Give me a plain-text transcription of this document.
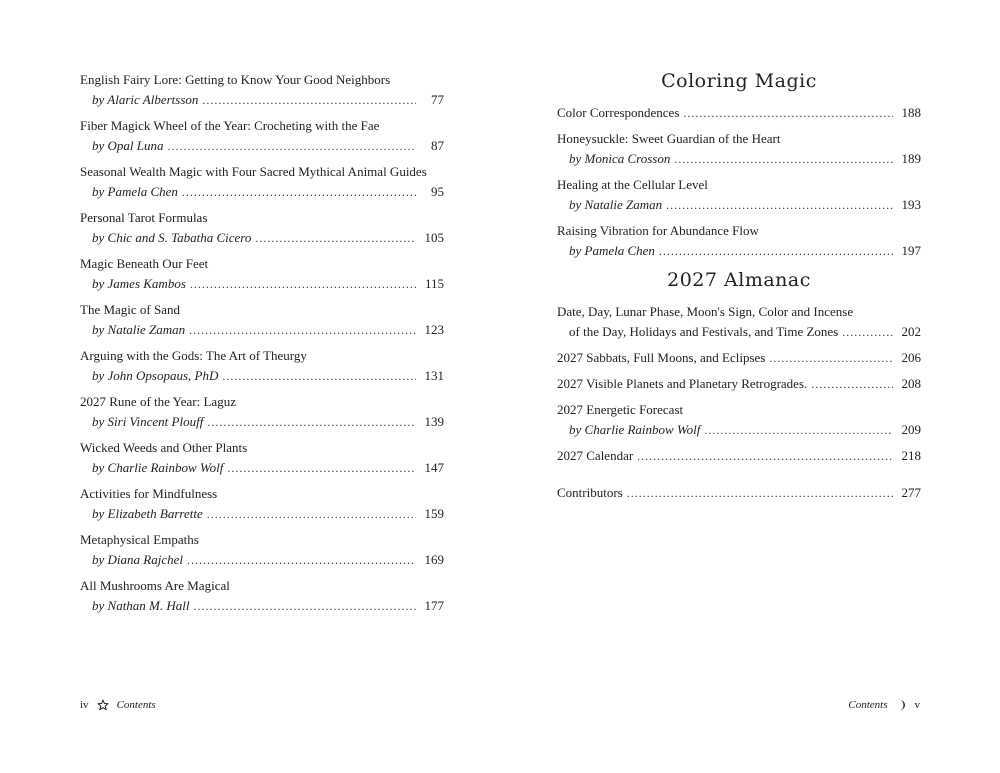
English Fairy Lore: Getting to Know Your Good Neighbors
by Alaric Albertsson . . .	77
Fiber Magick Wheel of the Year: Crocheting with the Fae
by Opal Luna . . .	87
Seasonal Wealth Magic with Four Sacred Mythical Animal Guides
by Pamela Chen . . .	95
Personal Tarot Formulas
by Chic and S. Tabatha Cicero . . .	105
Magic Beneath Our Feet
by James Kambos . . .	115
The Magic of Sand
by Natalie Zaman . . .	123
Arguing with the Gods: The Art of Theurgy
by John Opsopaus, PhD . . .	131
2027 Rune of the Year: Laguz
by Siri Vincent Plouff . . .	139
Wicked Weeds and Other Plants
by Charlie Rainbow Wolf . . .	147
Activities for Mindfulness
by Elizabeth Barrette . . .	159
Metaphysical Empaths
by Diana Rajchel . . .	169
All Mushrooms Are Magical
by Nathan M. Hall . . .	177
iv	Contents
Coloring Magic
Color Correspondences . . .	188
Honeysuckle: Sweet Guardian of the Heart
by Monica Crosson . . .	189
Healing at the Cellular Level
by Natalie Zaman . . .	193
Raising Vibration for Abundance Flow
by Pamela Chen . . .	197
2027 Almanac
Date, Day, Lunar Phase, Moon's Sign, Color and Incense
of the Day, Holidays and Festivals, and Time Zones . . .	202
2027 Sabbats, Full Moons, and Eclipses . . .	206
2027 Visible Planets and Planetary Retrogrades. . . .	208
2027 Energetic Forecast
by Charlie Rainbow Wolf . . .	209
2027 Calendar . . .	218
Contributors . . .	277
Contents v
